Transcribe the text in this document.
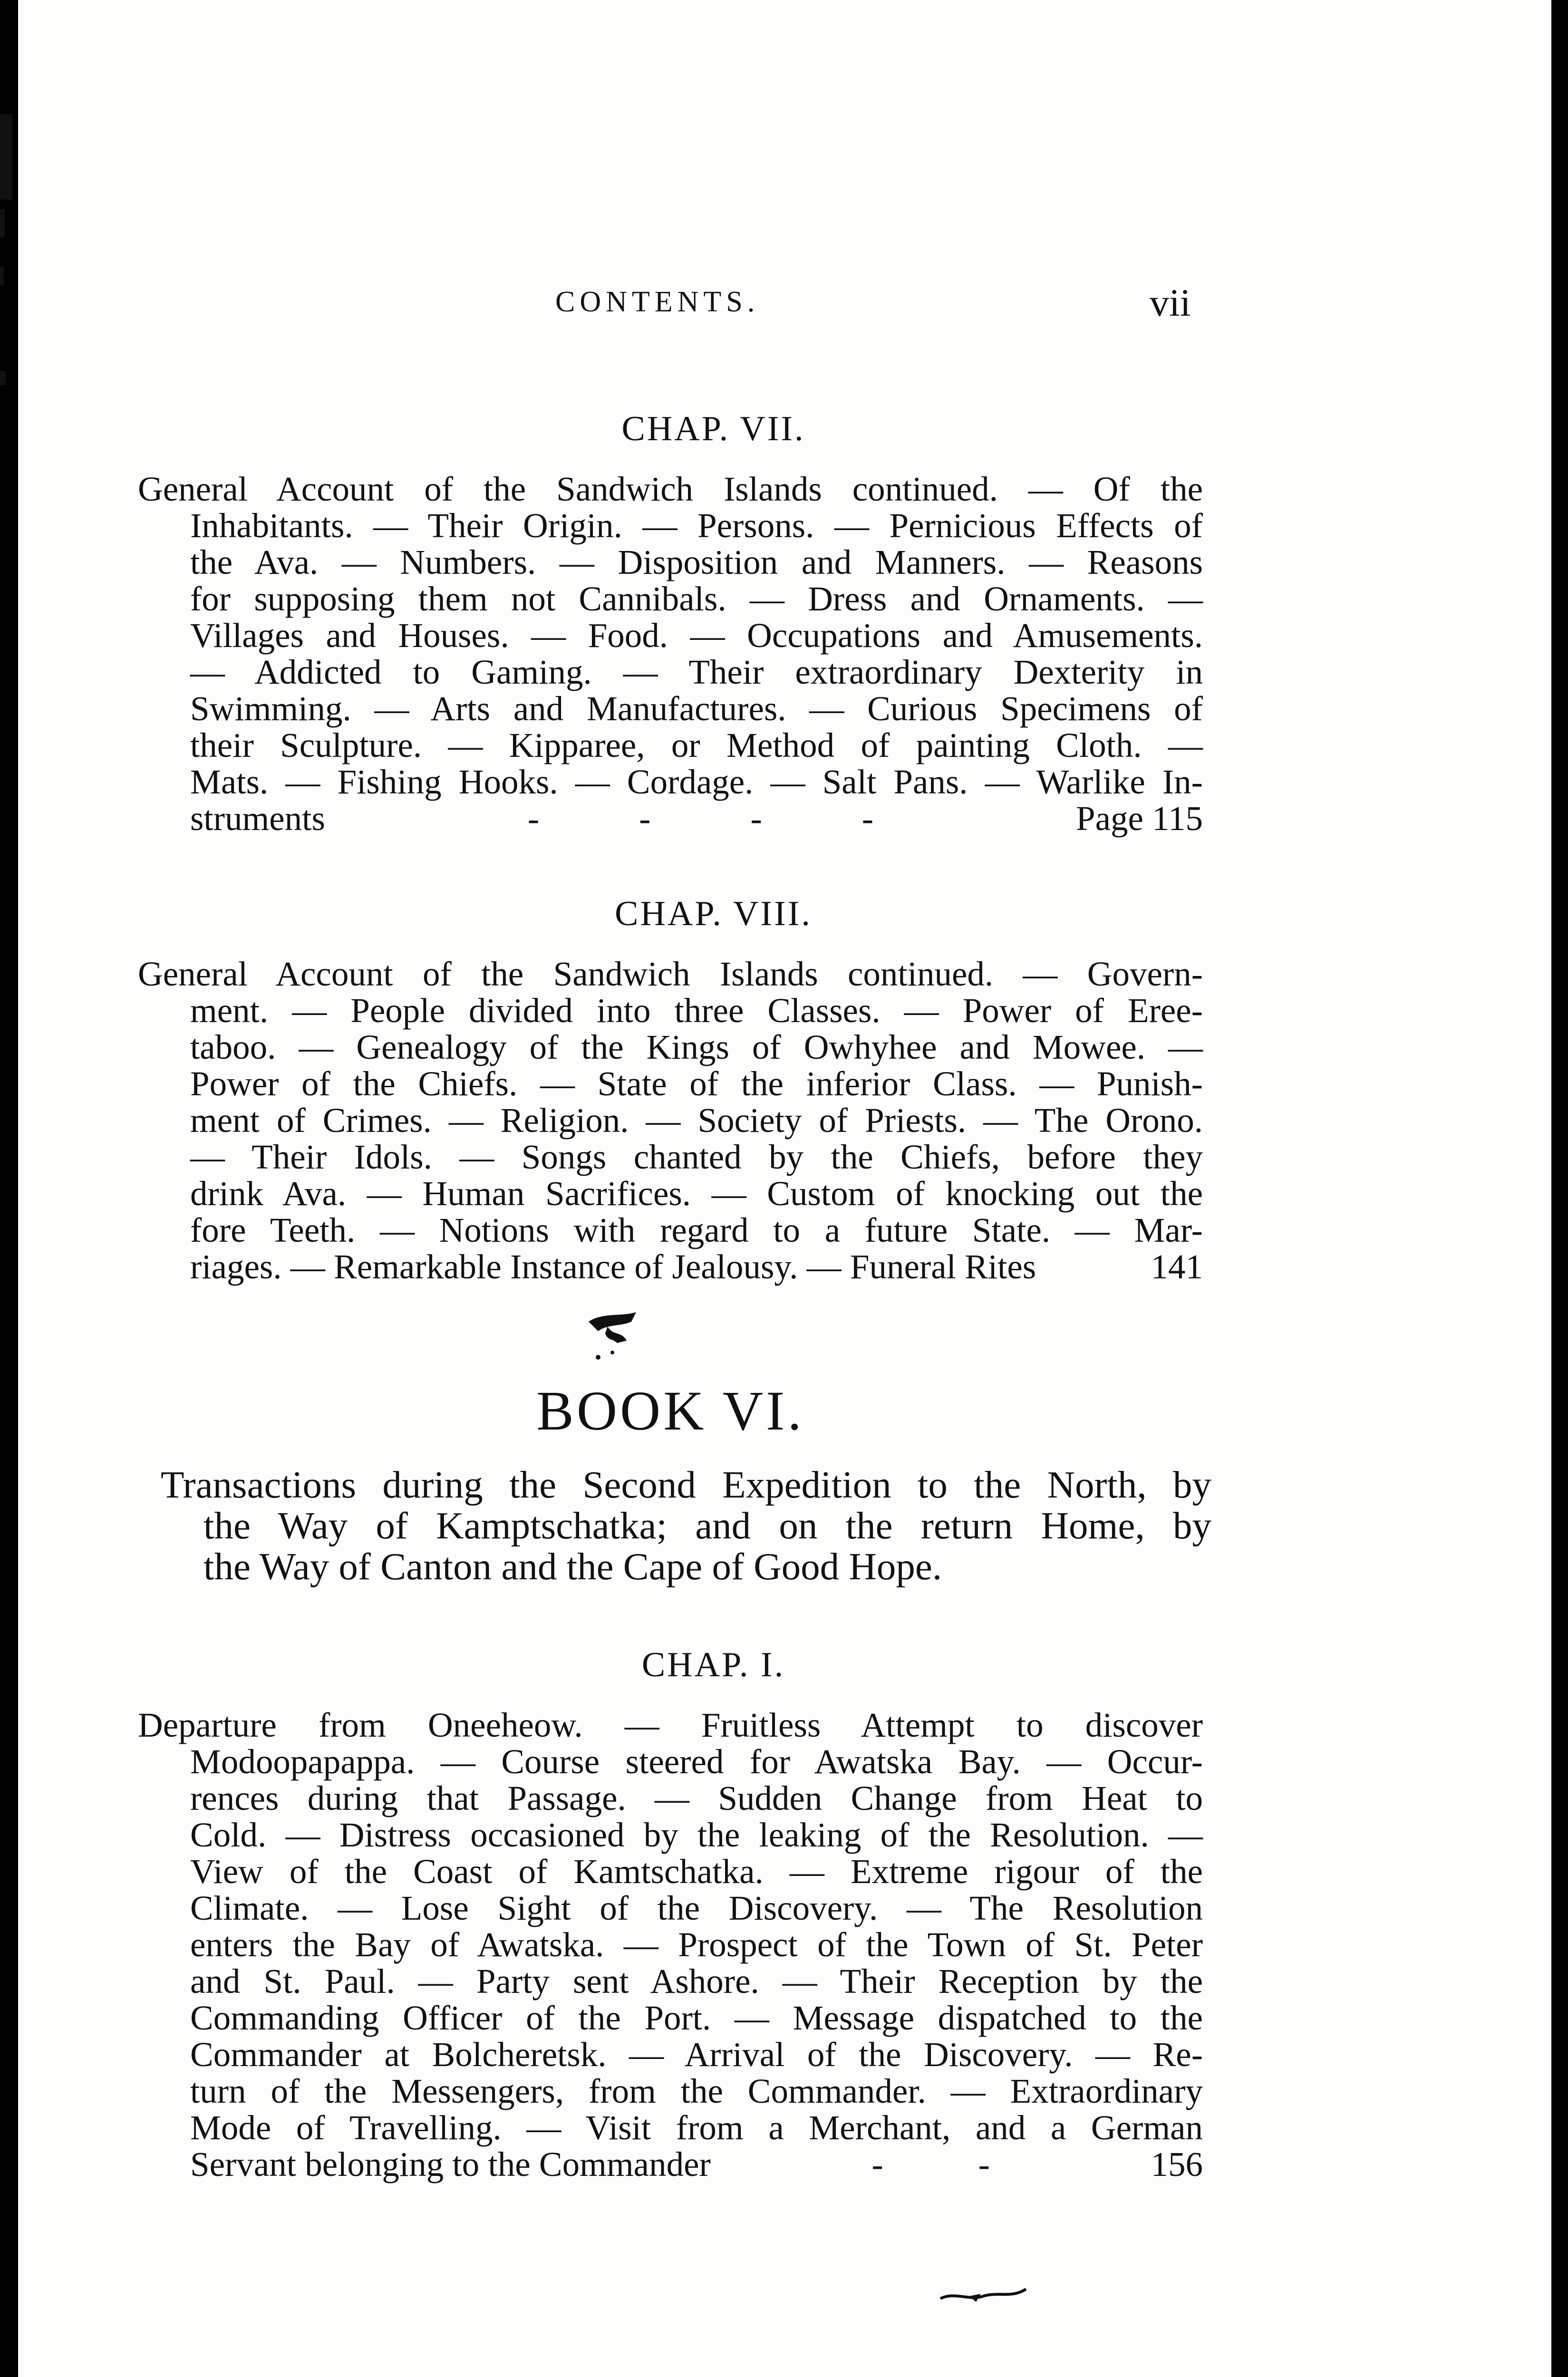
CONTENTS.	vii
CHAP. VII.
General Account of the Sandwich Islands continued. — Of the
Inhabitants. — Their Origin. — Persons. — Pernicious Effects of
the Ava. — Numbers. — Disposition and Manners. — Reasons
for supposing them not Cannibals. — Dress and Ornaments. —
Villages and Houses. — Food. — Occupations and Amusements.
— Addicted to Gaming. — Their extraordinary Dexterity in
Swimming. — Arts and Manufactures. — Curious Specimens of
their Sculpture. — Kipparee, or Method of painting Cloth. —
Mats. — Fishing Hooks. — Cordage. — Salt Pans. — Warlike In-
struments	-	-	-	-	Page 115
CHAP. VIII.
General Account of the Sandwich Islands continued. — Govern-
ment. — People divided into three Classes. — Power of Eree-
taboo. — Genealogy of the Kings of Owhyhee and Mowee. —
Power of the Chiefs. — State of the inferior Class. — Punish-
ment of Crimes. — Religion. — Society of Priests. — The Orono.
— Their Idols. — Songs chanted by the Chiefs, before they
drink Ava. — Human Sacrifices. — Custom of knocking out the
fore Teeth. — Notions with regard to a future State. — Mar-
riages. — Remarkable Instance of Jealousy. — Funeral Rites	141
BOOK VI.
Transactions during the Second Expedition to the North, by
the Way of Kamptschatka; and on the return Home, by
the Way of Canton and the Cape of Good Hope.
CHAP. I.
Departure from Oneeheow. — Fruitless Attempt to discover
Modoopapappa. — Course steered for Awatska Bay. — Occur-
rences during that Passage. — Sudden Change from Heat to
Cold. — Distress occasioned by the leaking of the Resolution. —
View of the Coast of Kamtschatka. — Extreme rigour of the
Climate. — Lose Sight of the Discovery. — The Resolution
enters the Bay of Awatska. — Prospect of the Town of St. Peter
and St. Paul. — Party sent Ashore. — Their Reception by the
Commanding Officer of the Port. — Message dispatched to the
Commander at Bolcheretsk. — Arrival of the Discovery. — Re-
turn of the Messengers, from the Commander. — Extraordinary
Mode of Travelling. — Visit from a Merchant, and a German
Servant belonging to the Commander	-	-	156
